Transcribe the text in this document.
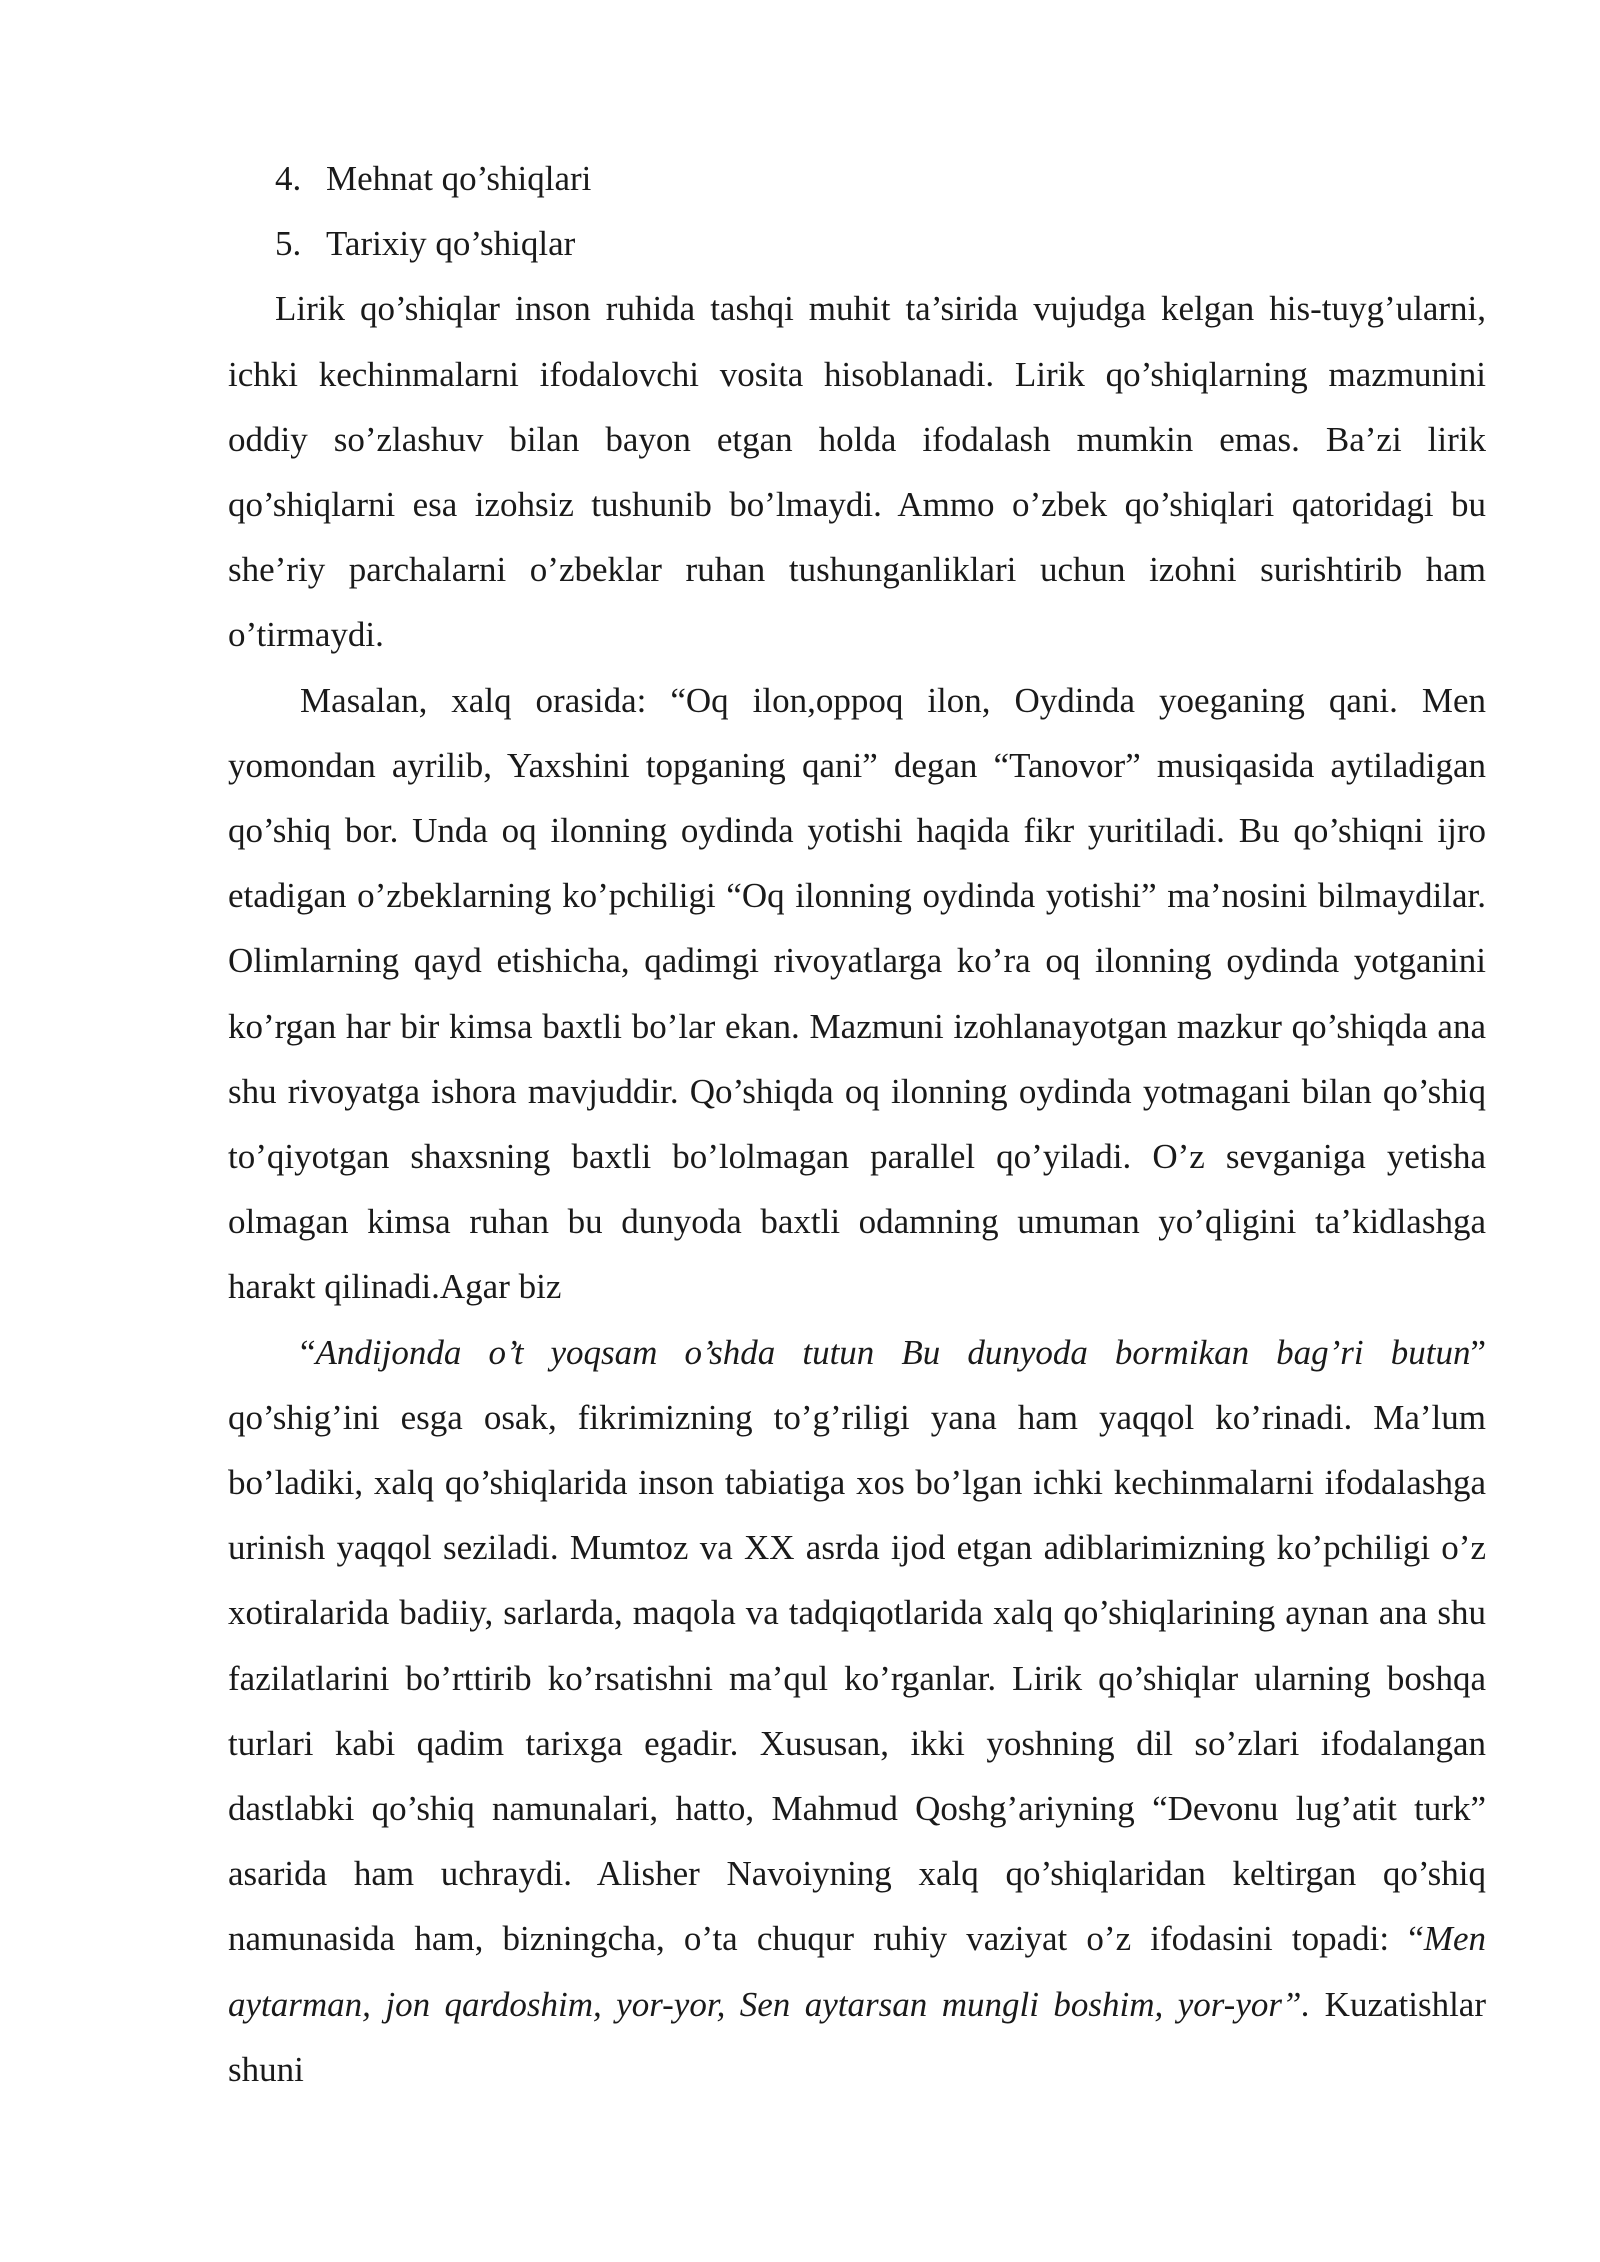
4. Mehnat qo’shiqlari
5. Tarixiy qo’shiqlar

Lirik qo’shiqlar inson ruhida tashqi muhit ta’sirida vujudga kelgan his-tuyg’ularni, ichki kechinmalarni ifodalovchi vosita hisoblanadi. Lirik qo’shiqlarning mazmunini oddiy so’zlashuv bilan bayon etgan holda ifodalash mumkin emas. Ba’zi lirik qo’shiqlarni esa izohsiz tushunib bo’lmaydi. Ammo o’zbek qo’shiqlari qatoridagi bu she’riy parchalarni o’zbeklar ruhan tushunganliklari uchun izohni surishtirib ham o’tirmaydi.

Masalan, xalq orasida: “Oq ilon,oppoq ilon, Oydinda yoeganing qani. Men yomondan ayrilib, Yaxshini topganing qani” degan “Tanovor” musiqasida aytiladigan qo’shiq bor. Unda oq ilonning oydinda yotishi haqida fikr yuritiladi. Bu qo’shiqni ijro etadigan o’zbeklarning ko’pchiligi “Oq ilonning oydinda yotishi” ma’nosini bilmaydilar. Olimlarning qayd etishicha, qadimgi rivoyatlarga ko’ra oq ilonning oydinda yotganini ko’rgan har bir kimsa baxtli bo’lar ekan. Mazmuni izohlanayotgan mazkur qo’shiqda ana shu rivoyatga ishora mavjuddir. Qo’shiqda oq ilonning oydinda yotmagani bilan qo’shiq to’qiyotgan shaxsning baxtli bo’lolmagan parallel qo’yiladi. O’z sevganiga yetisha olmagan kimsa ruhan bu dunyoda baxtli odamning umuman yo’qligini ta’kidlashga harakt qilinadi.Agar biz
“Andijonda o’t yoqsam o’shda tutun Bu dunyoda bormikan bag’ri butun”
qo’shig’ini esga osak, fikrimizning to’g’riligi yana ham yaqqol ko’rinadi. Ma’lum bo’ladiki, xalq qo’shiqlarida inson tabiatiga xos bo’lgan ichki kechinmalarni ifodalashga urinish yaqqol seziladi. Mumtoz va XX asrda ijod etgan adiblarimizning ko’pchiligi o’z xotiralarida badiiy, sarlarda, maqola va tadqiqotlarida xalq qo’shiqlarining aynan ana shu fazilatlarini bo’rttirib ko’rsatishni ma’qul ko’rganlar. Lirik qo’shiqlar ularning boshqa turlari kabi qadim tarixga egadir. Xususan, ikki yoshning dil so’zlari ifodalangan dastlabki qo’shiq namunalari, hatto, Mahmud Qoshg’ariyning “Devonu lug’atit turk” asarida ham uchraydi. Alisher Navoiyning xalq qo’shiqlaridan keltirgan qo’shiq namunasida ham, bizningcha, o’ta chuqur ruhiy vaziyat o’z ifodasini topadi: “Men aytarman, jon qardoshim, yor-yor, Sen aytarsan mungli boshim, yor-yor”. Kuzatishlar shuni
